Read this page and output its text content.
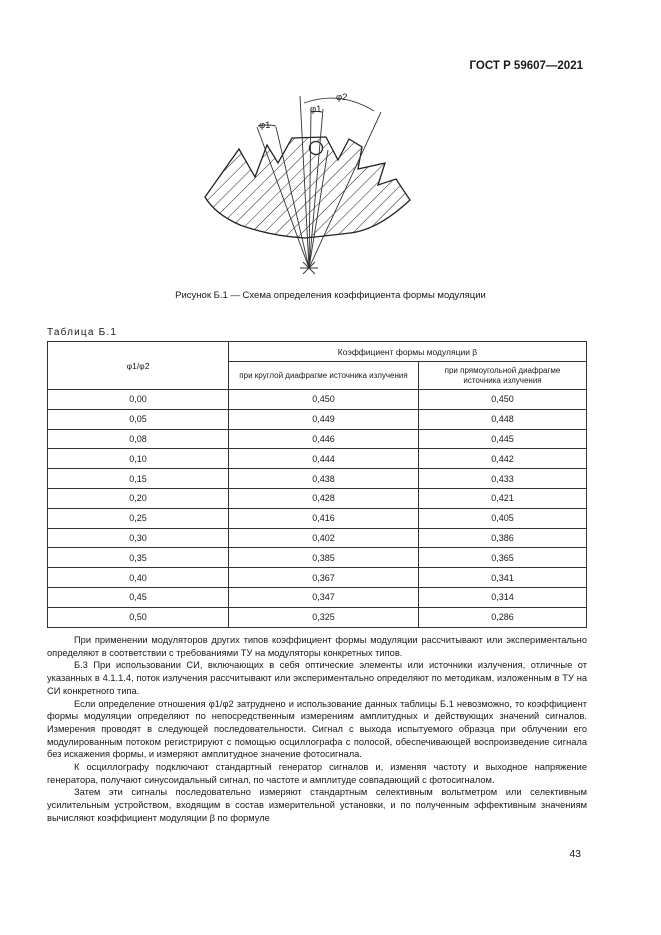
ГОСТ Р 59607—2021
φ2
φ1
φ1
Рисунок Б.1 — Схема определения коэффициента формы модуляции
Таблица Б.1
φ1/φ2	Коэффициент формы модуляции β	
	при круглой диафрагме источника излучения	при прямоугольной диафрагме источника излучения
0,00	0,450	0,450
0,05	0,449	0,448
0,08	0,446	0,445
0,10	0,444	0,442
0,15	0,438	0,433
0,20	0,428	0,421
0,25	0,416	0,405
0,30	0,402	0,386
0,35	0,385	0,365
0,40	0,367	0,341
0,45	0,347	0,314
0,50	0,325	0,286

При применении модуляторов других типов коэффициент формы модуляции рассчитывают или экспериментально определяют в соответствии с требованиями ТУ на модуляторы конкретных типов.

Б.3 При использовании СИ, включающих в себя оптические элементы или источники излучения, отличные от указанных в 4.1.1.4, поток излучения рассчитывают или экспериментально определяют по методикам, изложенным в ТУ на СИ конкретного типа.

Если определение отношения φ1/φ2 затруднено и использование данных таблицы Б.1 невозможно, то коэффициент формы модуляции определяют по непосредственным измерениям амплитудных и действующих значений сигналов. Измерения проводят в следующей последовательности. Сигнал с выхода испытуемого образца при облучении его модулированным потоком регистрируют с помощью осциллографа с полосой, обеспечивающей воспроизведение сигнала без искажения формы, и измеряют амплитудное значение фотосигнала.

К осциллографу подключают стандартный генератор сигналов и, изменяя частоту и выходное напряжение генератора, получают синусоидальный сигнал, по частоте и амплитуде совпадающий с фотосигналом.

Затем эти сигналы последовательно измеряют стандартным селективным вольтметром или селективным усилительным устройством, входящим в состав измерительной установки, и по полученным эффективным значениям вычисляют коэффициент модуляции β по формуле

43
